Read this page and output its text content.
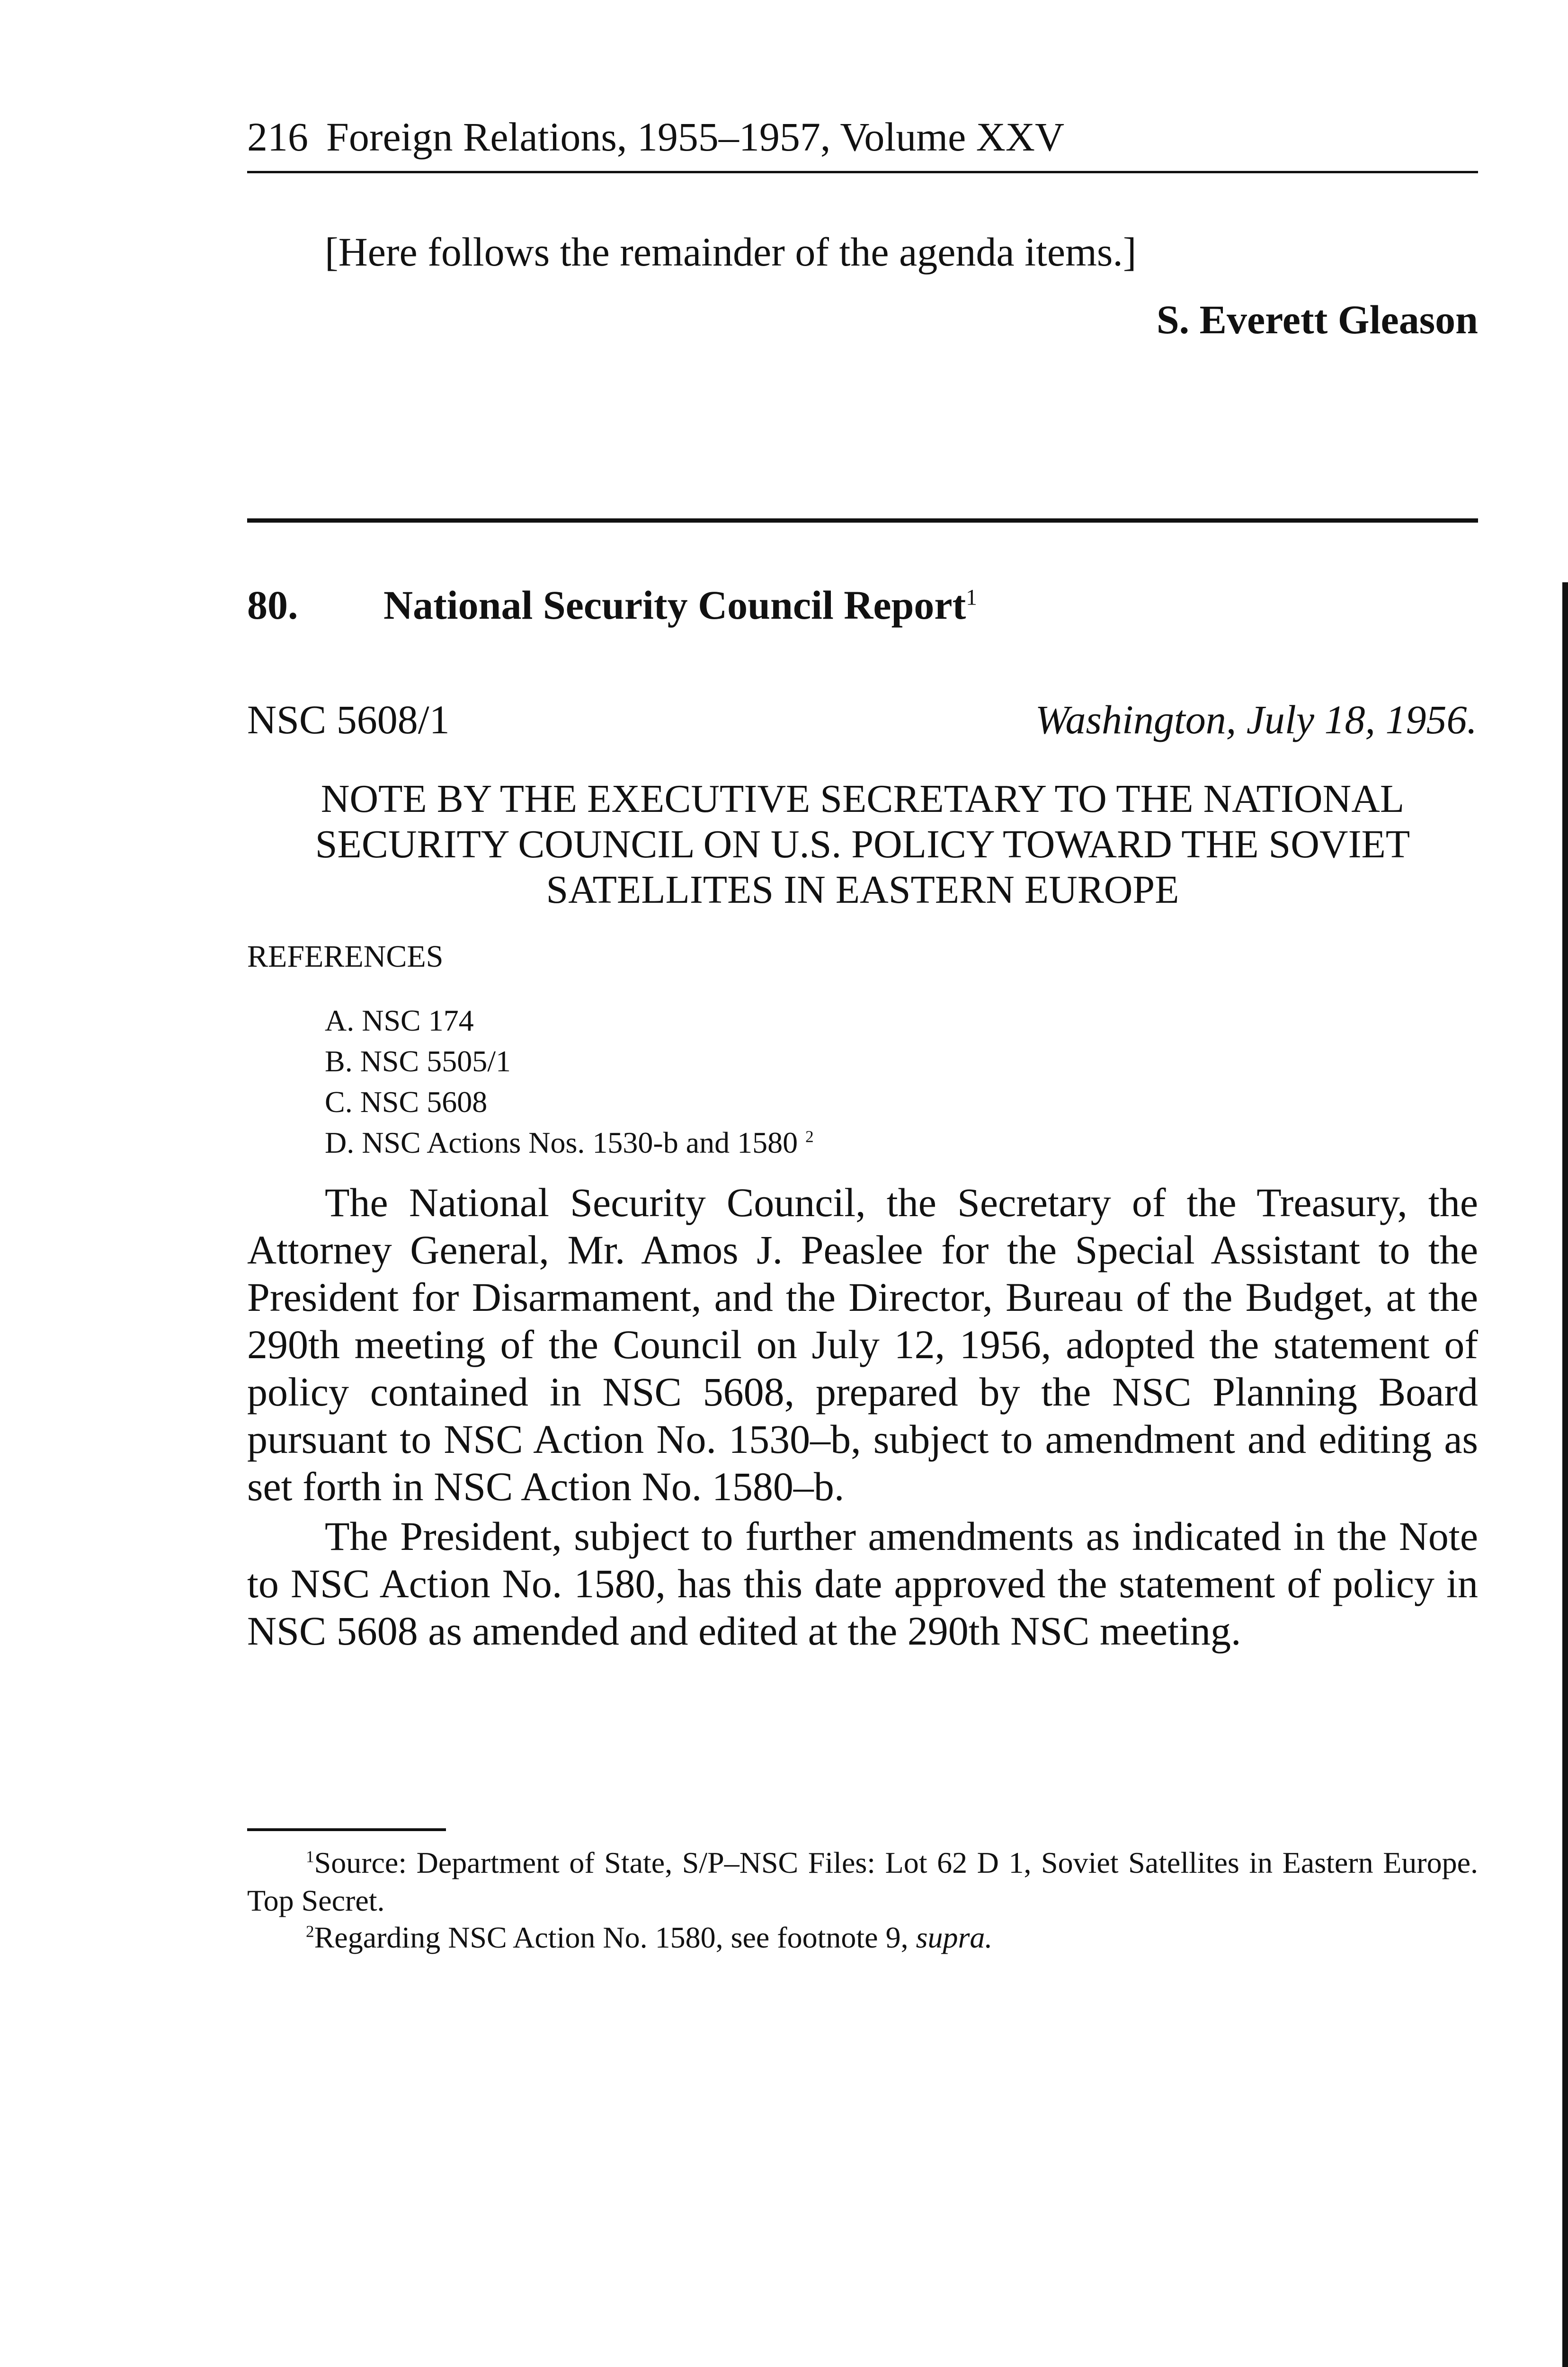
216 Foreign Relations, 1955–1957, Volume XXV
[Here follows the remainder of the agenda items.]
S. Everett Gleason
80. National Security Council Report$^1$
NSC 5608/1	Washington, July 18, 1956.
NOTE BY THE EXECUTIVE SECRETARY TO THE NATIONAL SECURITY COUNCIL ON U.S. POLICY TOWARD THE SOVIET SATELLITES IN EASTERN EUROPE
REFERENCES
A. NSC 174
B. NSC 5505/1
C. NSC 5608
D. NSC Actions Nos. 1530-b and 1580 $^2$

The National Security Council, the Secretary of the Treasury, the Attorney General, Mr. Amos J. Peaslee for the Special Assistant to the President for Disarmament, and the Director, Bureau of the Budget, at the 290th meeting of the Council on July 12, 1956, adopted the statement of policy contained in NSC 5608, prepared by the NSC Planning Board pursuant to NSC Action No. 1530–b, subject to amendment and editing as set forth in NSC Action No. 1580–b.

The President, subject to further amendments as indicated in the Note to NSC Action No. 1580, has this date approved the statement of policy in NSC 5608 as amended and edited at the 290th NSC meeting.

$^1$Source: Department of State, S/P–NSC Files: Lot 62 D 1, Soviet Satellites in Eastern Europe. Top Secret.

$^2$Regarding NSC Action No. 1580, see footnote 9, supra.
